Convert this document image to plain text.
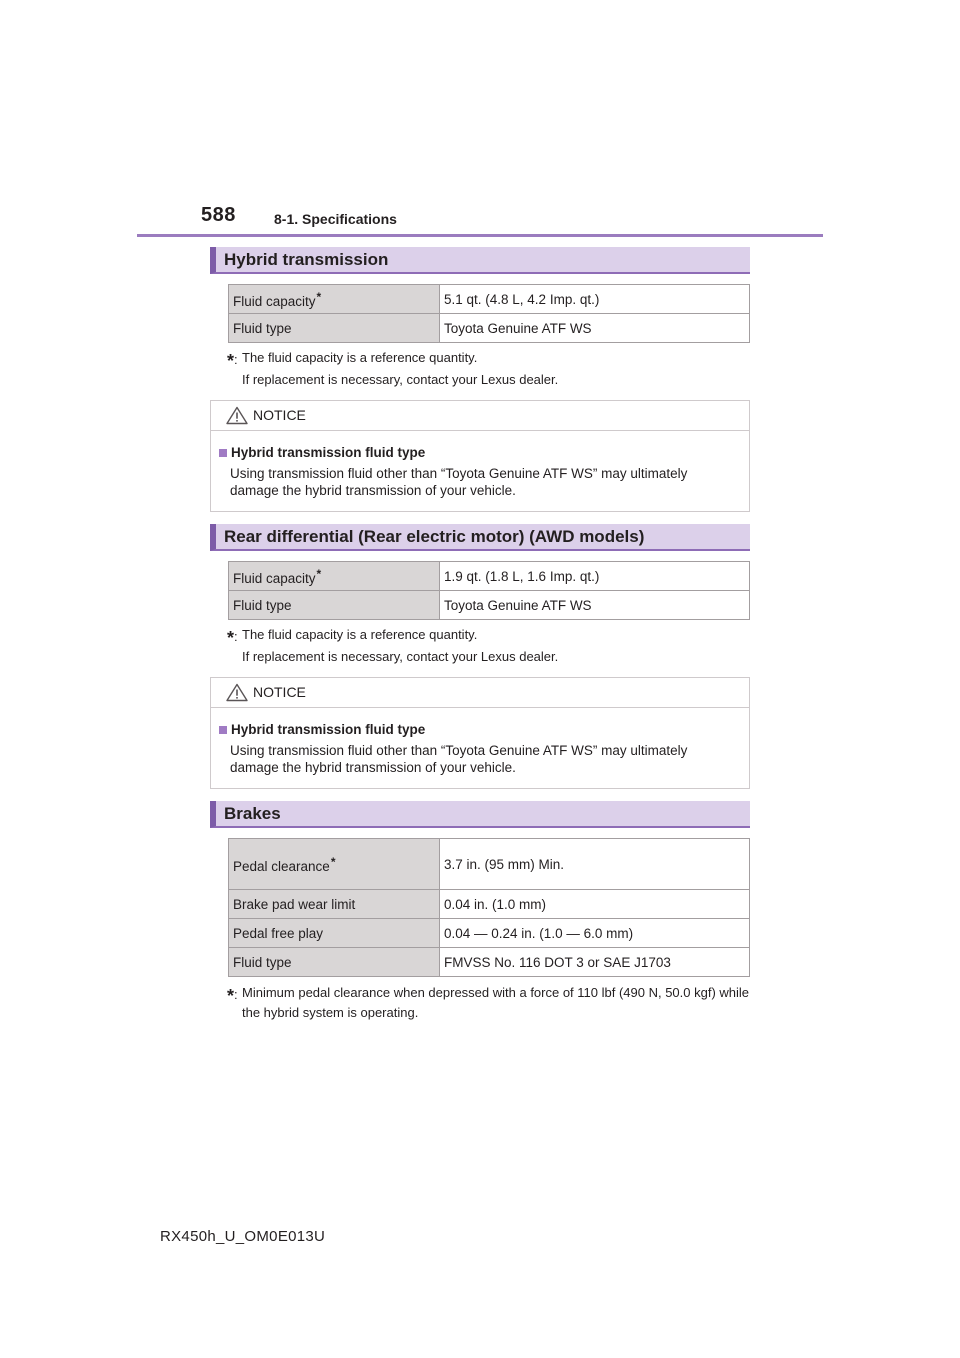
588	8-1. Specifications
Hybrid transmission
Fluid capacity*	5.1 qt. (4.8 L, 4.2 Imp. qt.)
Fluid type	Toyota Genuine ATF WS
*: The fluid capacity is a reference quantity.
If replacement is necessary, contact your Lexus dealer.
NOTICE
Hybrid transmission fluid type
Using transmission fluid other than “Toyota Genuine ATF WS” may ultimately damage the hybrid transmission of your vehicle.
Rear differential (Rear electric motor) (AWD models)
Fluid capacity*	1.9 qt. (1.8 L, 1.6 Imp. qt.)
Fluid type	Toyota Genuine ATF WS
*: The fluid capacity is a reference quantity.
If replacement is necessary, contact your Lexus dealer.
NOTICE
Hybrid transmission fluid type
Using transmission fluid other than “Toyota Genuine ATF WS” may ultimately damage the hybrid transmission of your vehicle.
Brakes
Pedal clearance*	3.7 in. (95 mm) Min.
Brake pad wear limit	0.04 in. (1.0 mm)
Pedal free play	0.04 — 0.24 in. (1.0 — 6.0 mm)
Fluid type	FMVSS No. 116 DOT 3 or SAE J1703
*: Minimum pedal clearance when depressed with a force of 110 lbf (490 N, 50.0 kgf) while the hybrid system is operating.
RX450h_U_OM0E013U
